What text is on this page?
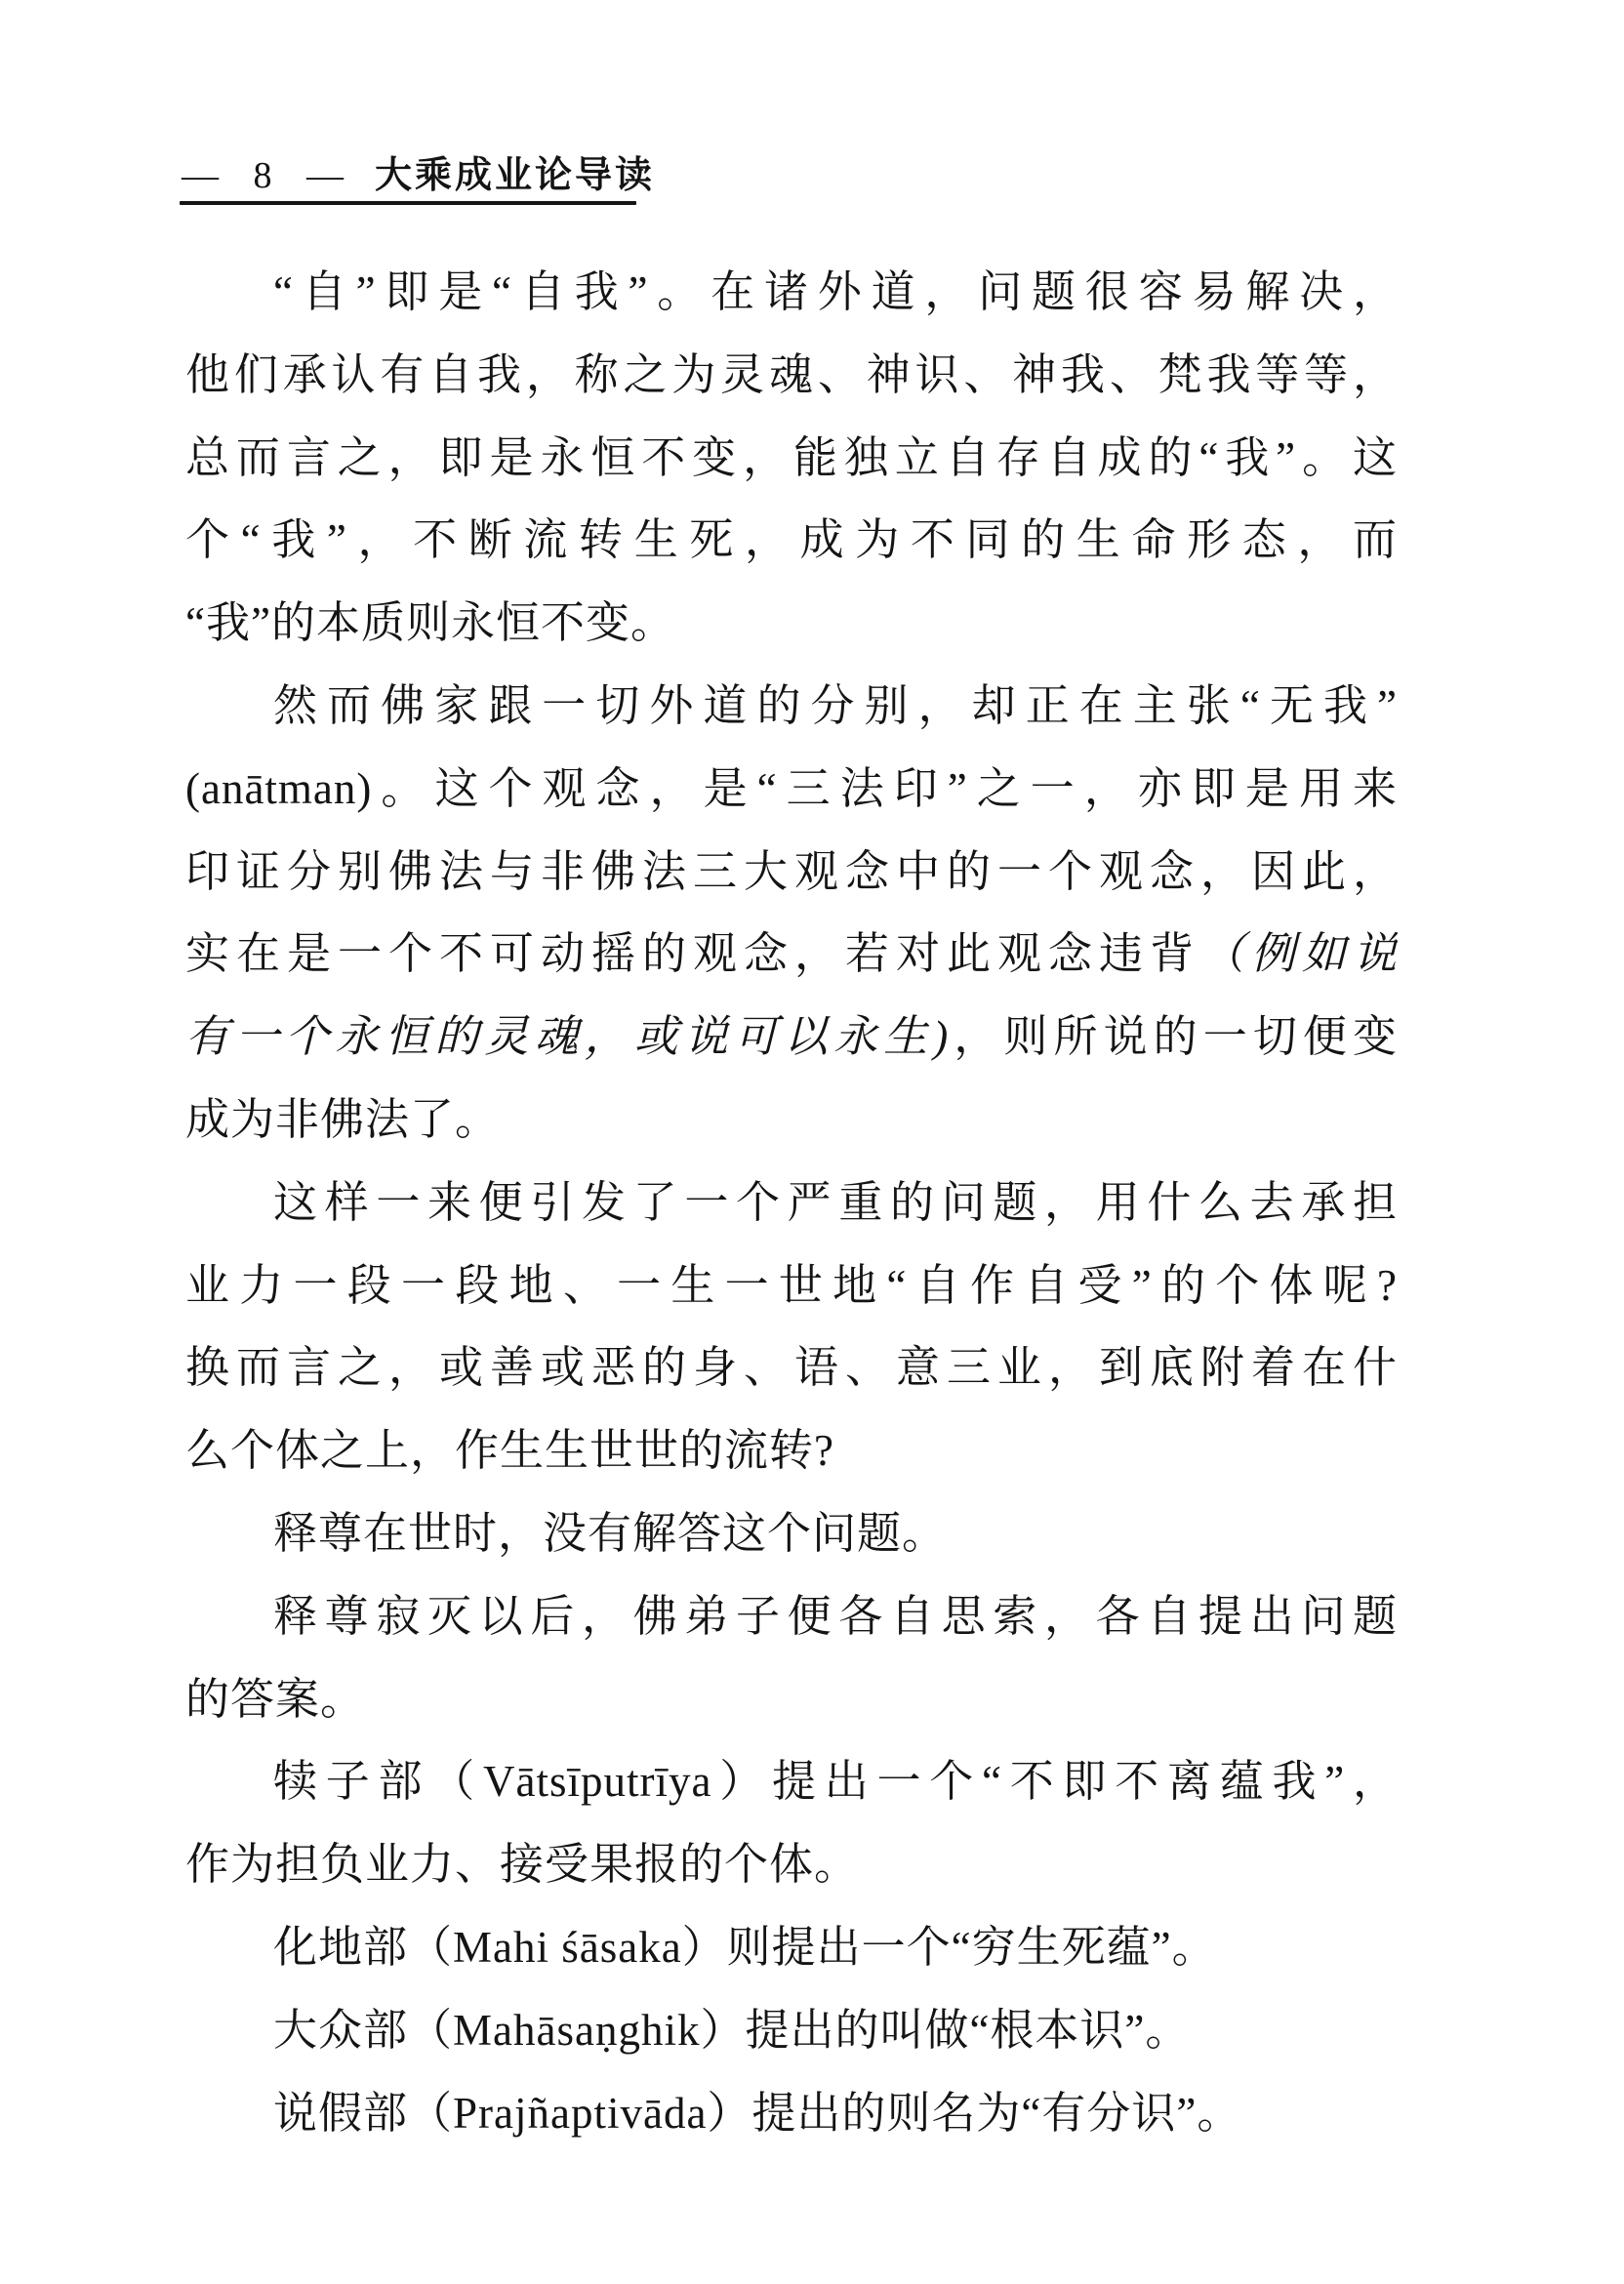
— 8 — 大乘成业论导读
“自”即是“自我”。在诸外道，问题很容易解决，
他们承认有自我，称之为灵魂、神识、神我、梵我等等，
总而言之，即是永恒不变，能独立自存自成的“我”。这
个“我”，不断流转生死，成为不同的生命形态，而
“我”的本质则永恒不变。
然而佛家跟一切外道的分别，却正在主张“无我”
(anātman)。这个观念，是“三法印”之一，亦即是用来
印证分别佛法与非佛法三大观念中的一个观念，因此，
实在是一个不可动摇的观念，若对此观念违背（例如说
有一个永恒的灵魂，或说可以永生)，则所说的一切便变
成为非佛法了。
这样一来便引发了一个严重的问题，用什么去承担
业力一段一段地、一生一世地“自作自受”的个体呢?
换而言之，或善或恶的身、语、意三业，到底附着在什
么个体之上，作生生世世的流转?
释尊在世时，没有解答这个问题。
释尊寂灭以后，佛弟子便各自思索，各自提出问题
的答案。
犊子部（Vātsīputrīya）提出一个“不即不离蕴我”，
作为担负业力、接受果报的个体。
化地部（Mahi śāsaka）则提出一个“穷生死蕴”。
大众部（Mahāsaṇghik）提出的叫做“根本识”。
说假部（Prajñaptivāda）提出的则名为“有分识”。
